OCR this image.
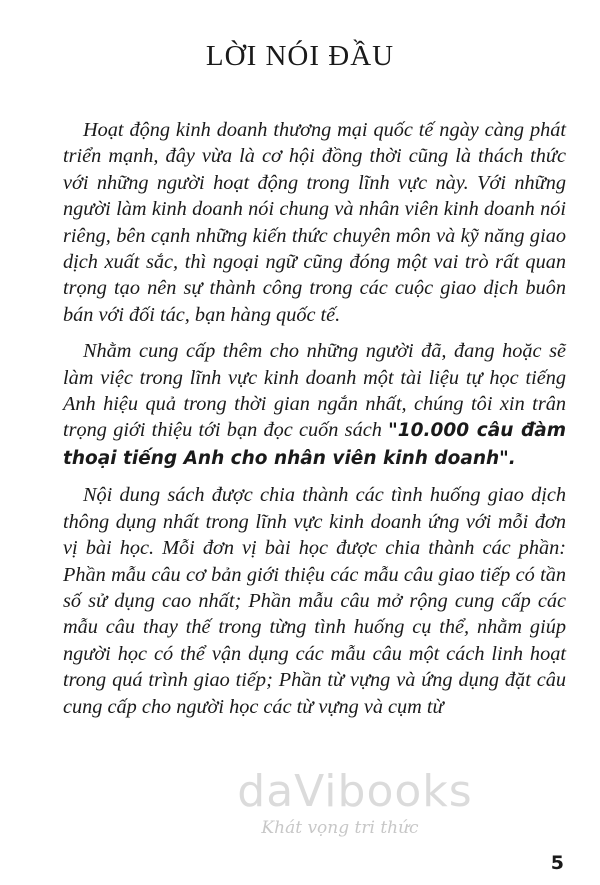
LỜI NÓI ĐẦU

Hoạt động kinh doanh thương mại quốc tế ngày càng phát triển mạnh, đây vừa là cơ hội đồng thời cũng là thách thức với những người hoạt động trong lĩnh vực này. Với những người làm kinh doanh nói chung và nhân viên kinh doanh nói riêng, bên cạnh những kiến thức chuyên môn và kỹ năng giao dịch xuất sắc, thì ngoại ngữ cũng đóng một vai trò rất quan trọng tạo nên sự thành công trong các cuộc giao dịch buôn bán với đối tác, bạn hàng quốc tế.

Nhằm cung cấp thêm cho những người đã, đang hoặc sẽ làm việc trong lĩnh vực kinh doanh một tài liệu tự học tiếng Anh hiệu quả trong thời gian ngắn nhất, chúng tôi xin trân trọng giới thiệu tới bạn đọc cuốn sách "10.000 câu đàm thoại tiếng Anh cho nhân viên kinh doanh".

Nội dung sách được chia thành các tình huống giao dịch thông dụng nhất trong lĩnh vực kinh doanh ứng với mỗi đơn vị bài học. Mỗi đơn vị bài học được chia thành các phần: Phần mẫu câu cơ bản giới thiệu các mẫu câu giao tiếp có tần số sử dụng cao nhất; Phần mẫu câu mở rộng cung cấp các mẫu câu thay thế trong từng tình huống cụ thể, nhằm giúp người học có thể vận dụng các mẫu câu một cách linh hoạt trong quá trình giao tiếp; Phần từ vựng và ứng dụng đặt câu cung cấp cho người học các từ vựng và cụm từ

daVibooks
Khát vọng tri thức
5
